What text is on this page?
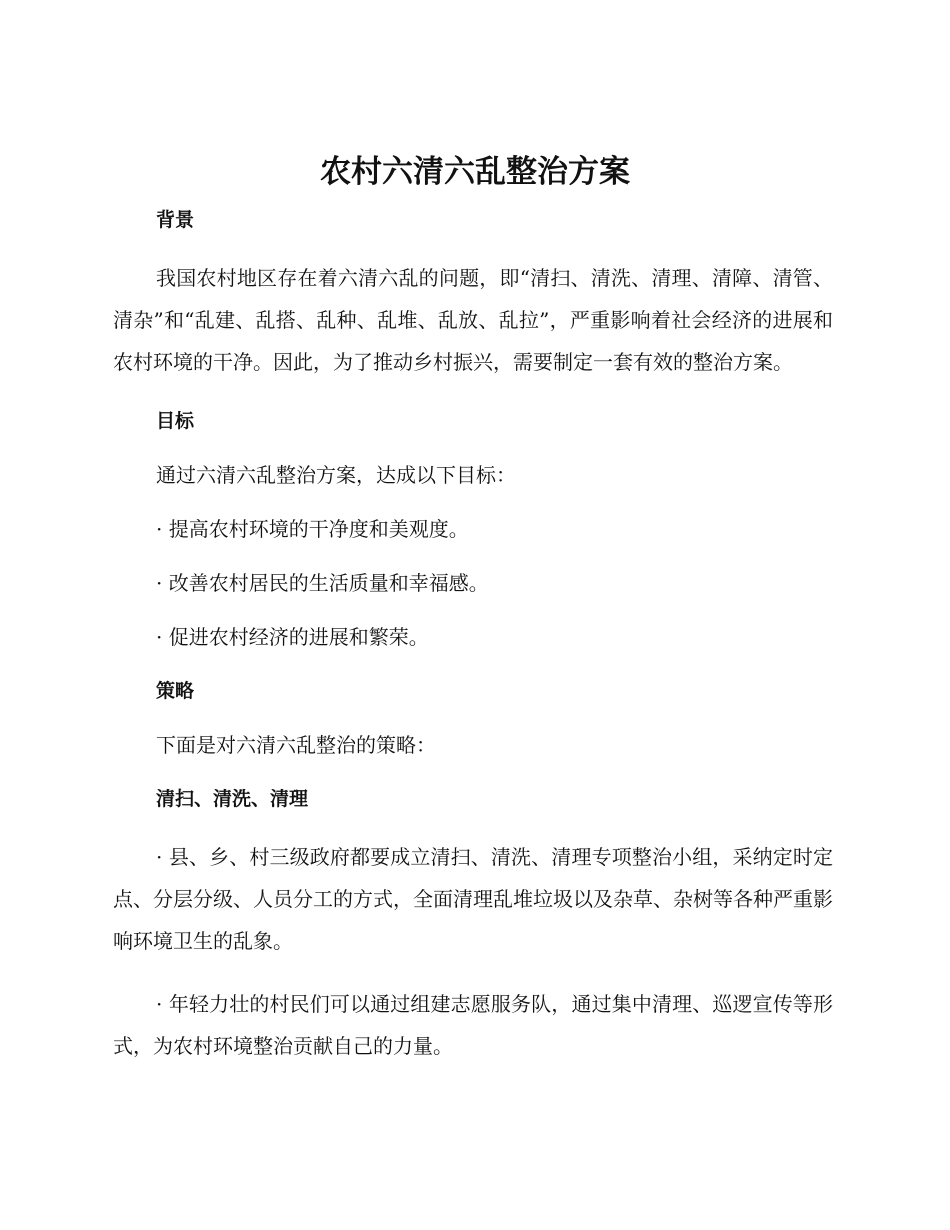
农村六清六乱整治方案

背景

我国农村地区存在着六清六乱的问题，即“清扫、清洗、清理、清障、清管、清杂”和“乱建、乱搭、乱种、乱堆、乱放、乱拉”，严重影响着社会经济的进展和农村环境的干净。因此，为了推动乡村振兴，需要制定一套有效的整治方案。

目标

通过六清六乱整治方案，达成以下目标：

· 提高农村环境的干净度和美观度。

· 改善农村居民的生活质量和幸福感。

· 促进农村经济的进展和繁荣。

策略

下面是对六清六乱整治的策略：

清扫、清洗、清理

· 县、乡、村三级政府都要成立清扫、清洗、清理专项整治小组，采纳定时定点、分层分级、人员分工的方式，全面清理乱堆垃圾以及杂草、杂树等各种严重影响环境卫生的乱象。

· 年轻力壮的村民们可以通过组建志愿服务队，通过集中清理、巡逻宣传等形式，为农村环境整治贡献自己的力量。
